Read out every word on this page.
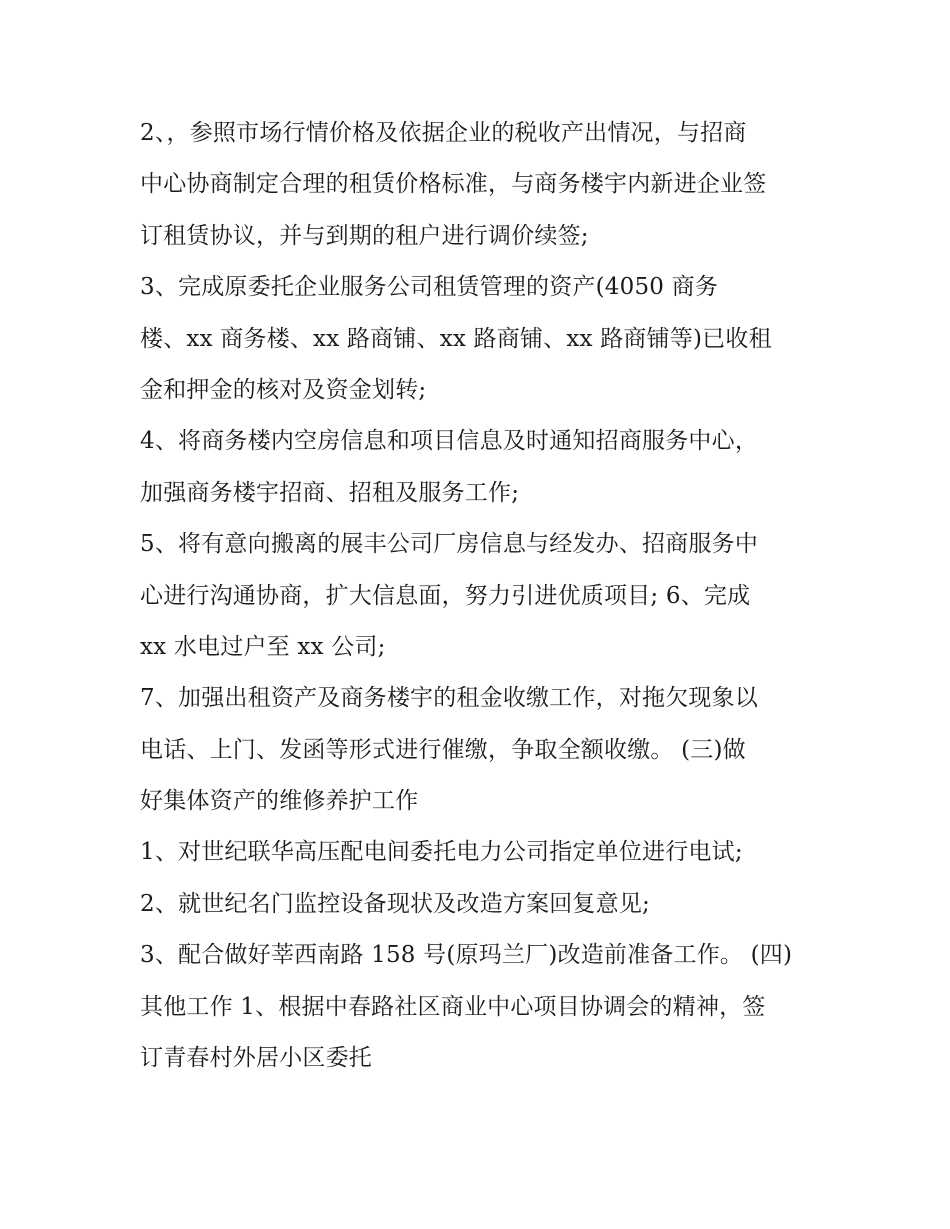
2、，参照市场行情价格及依据企业的税收产出情况，与招商
中心协商制定合理的租赁价格标准，与商务楼宇内新进企业签
订租赁协议，并与到期的租户进行调价续签;
3、完成原委托企业服务公司租赁管理的资产(4050 商务
楼、xx 商务楼、xx 路商铺、xx 路商铺、xx 路商铺等)已收租
金和押金的核对及资金划转;
4、将商务楼内空房信息和项目信息及时通知招商服务中心，
加强商务楼宇招商、招租及服务工作;
5、将有意向搬离的展丰公司厂房信息与经发办、招商服务中
心进行沟通协商，扩大信息面，努力引进优质项目; 6、完成
xx 水电过户至 xx 公司;
7、加强出租资产及商务楼宇的租金收缴工作，对拖欠现象以
电话、上门、发函等形式进行催缴，争取全额收缴。 (三)做
好集体资产的维修养护工作
1、对世纪联华高压配电间委托电力公司指定单位进行电试;
2、就世纪名门监控设备现状及改造方案回复意见;
3、配合做好莘西南路 158 号(原玛兰厂)改造前准备工作。 (四)
其他工作 1、根据中春路社区商业中心项目协调会的精神，签
订青春村外居小区委托
